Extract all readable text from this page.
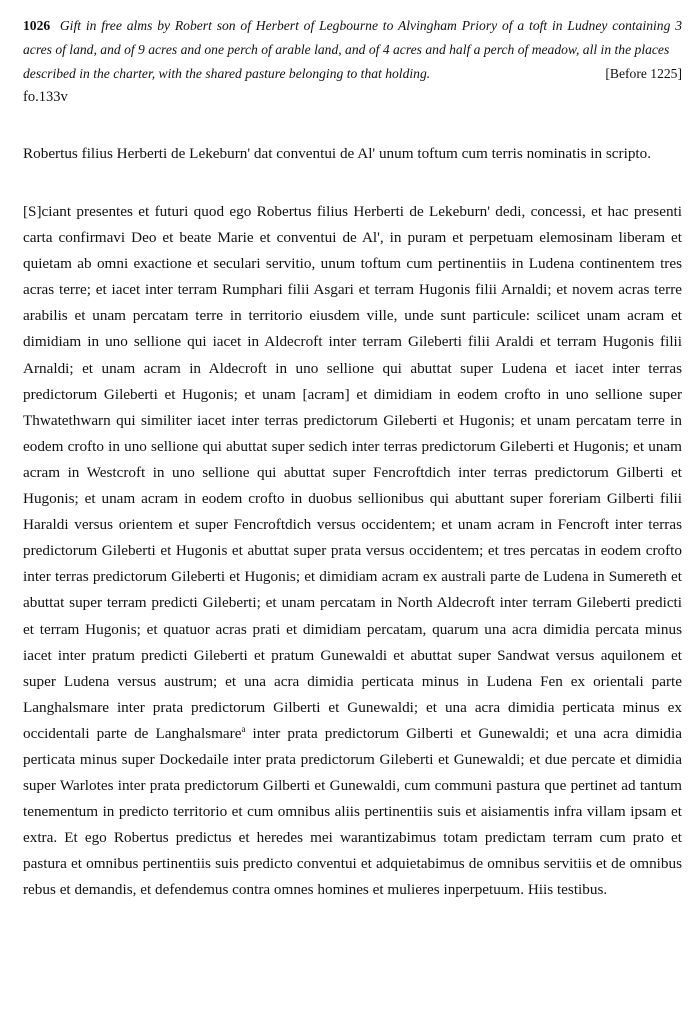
1026 Gift in free alms by Robert son of Herbert of Legbourne to Alvingham Priory of a toft in Ludney containing 3 acres of land, and of 9 acres and one perch of arable land, and of 4 acres and half a perch of meadow, all in the places
described in the charter, with the shared pasture belonging to that holding.	[Before 1225]

fo.133v

Robertus filius Herberti de Lekeburn' dat conventui de Al' unum toftum cum terris nominatis in scripto.

[S]ciant presentes et futuri quod ego Robertus filius Herberti de Lekeburn' dedi, concessi, et hac presenti carta confirmavi Deo et beate Marie et conventui de Al', in puram et perpetuam elemosinam liberam et quietam ab omni exactione et seculari servitio, unum toftum cum pertinentiis in Ludena continentem tres acras terre; et iacet inter terram Rumphari filii Asgari et terram Hugonis filii Arnaldi; et novem acras terre arabilis et unam percatam terre in territorio eiusdem ville, unde sunt particule: scilicet unam acram et dimidiam in uno sellione qui iacet in Aldecroft inter terram Gileberti filii Araldi et terram Hugonis filii Arnaldi; et unam acram in Aldecroft in uno sellione qui abuttat super Ludena et iacet inter terras predictorum Gileberti et Hugonis; et unam [acram] et dimidiam in eodem crofto in uno sellione super Thwatethwarn qui similiter iacet inter terras predictorum Gileberti et Hugonis; et unam percatam terre in eodem crofto in uno sellione qui abuttat super sedich inter terras predictorum Gileberti et Hugonis; et unam acram in Westcroft in uno sellione qui abuttat super Fencroftdich inter terras predictorum Gilberti et Hugonis; et unam acram in eodem crofto in duobus sellionibus qui abuttant super foreriam Gilberti filii Haraldi versus orientem et super Fencroftdich versus occidentem; et unam acram in Fencroft inter terras predictorum Gileberti et Hugonis et abuttat super prata versus occidentem; et tres percatas in eodem crofto inter terras predictorum Gileberti et Hugonis; et dimidiam acram ex australi parte de Ludena in Sumereth et abuttat super terram predicti Gileberti; et unam percatam in North Aldecroft inter terram Gileberti predicti et terram Hugonis; et quatuor acras prati et dimidiam percatam, quarum una acra dimidia percata minus iacet inter pratum predicti Gileberti et pratum Gunewaldi et abuttat super Sandwat versus aquilonem et super Ludena versus austrum; et una acra dimidia perticata minus in Ludena Fen ex orientali parte Langhalsmare inter prata predictorum Gilberti et Gunewaldi; et una acra dimidia perticata minus ex occidentali parte de Langhalsmare$^a$ inter prata predictorum Gilberti et Gunewaldi; et una acra dimidia perticata minus super Dockedaile inter prata predictorum Gileberti et Gunewaldi; et due percate et dimidia super Warlotes inter prata predictorum Gilberti et Gunewaldi, cum communi pastura que pertinet ad tantum tenementum in predicto territorio et cum omnibus aliis pertinentiis suis et aisiamentis infra villam ipsam et extra. Et ego Robertus predictus et heredes mei warantizabimus totam predictam terram cum prato et pastura et omnibus pertinentiis suis predicto conventui et adquietabimus de omnibus servitiis et de omnibus rebus et demandis, et defendemus contra omnes homines et mulieres inperpetuum. Hiis testibus.
